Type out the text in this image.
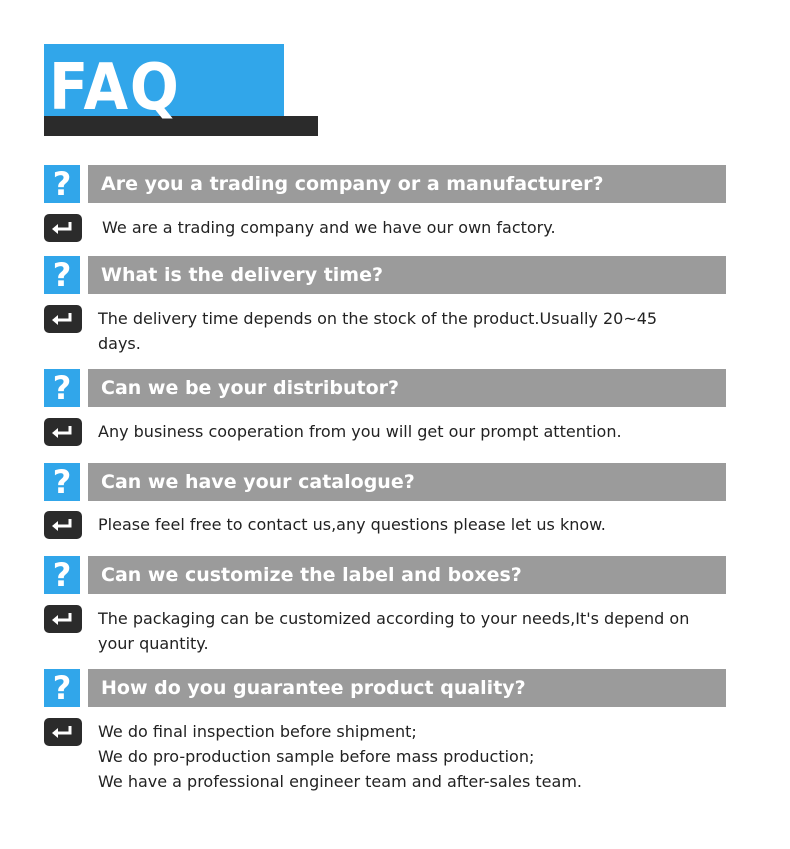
FAQ
?	Are you a trading company or a manufacturer?

We are a trading company and we have our own factory.

?	What is the delivery time?

The delivery time depends on the stock of the product.Usually 20~45 days.

?	Can we be your distributor?

Any business cooperation from you will get our prompt attention.

?	Can we have your catalogue?

Please feel free to contact us,any questions please let us know.

?	Can we customize the label and boxes?

The packaging can be customized according to your needs,It's depend on your quantity.

?	How do you guarantee product quality?

We do final inspection before shipment;

We do pro-production sample before mass production;

We have a professional engineer team and after-sales team.
